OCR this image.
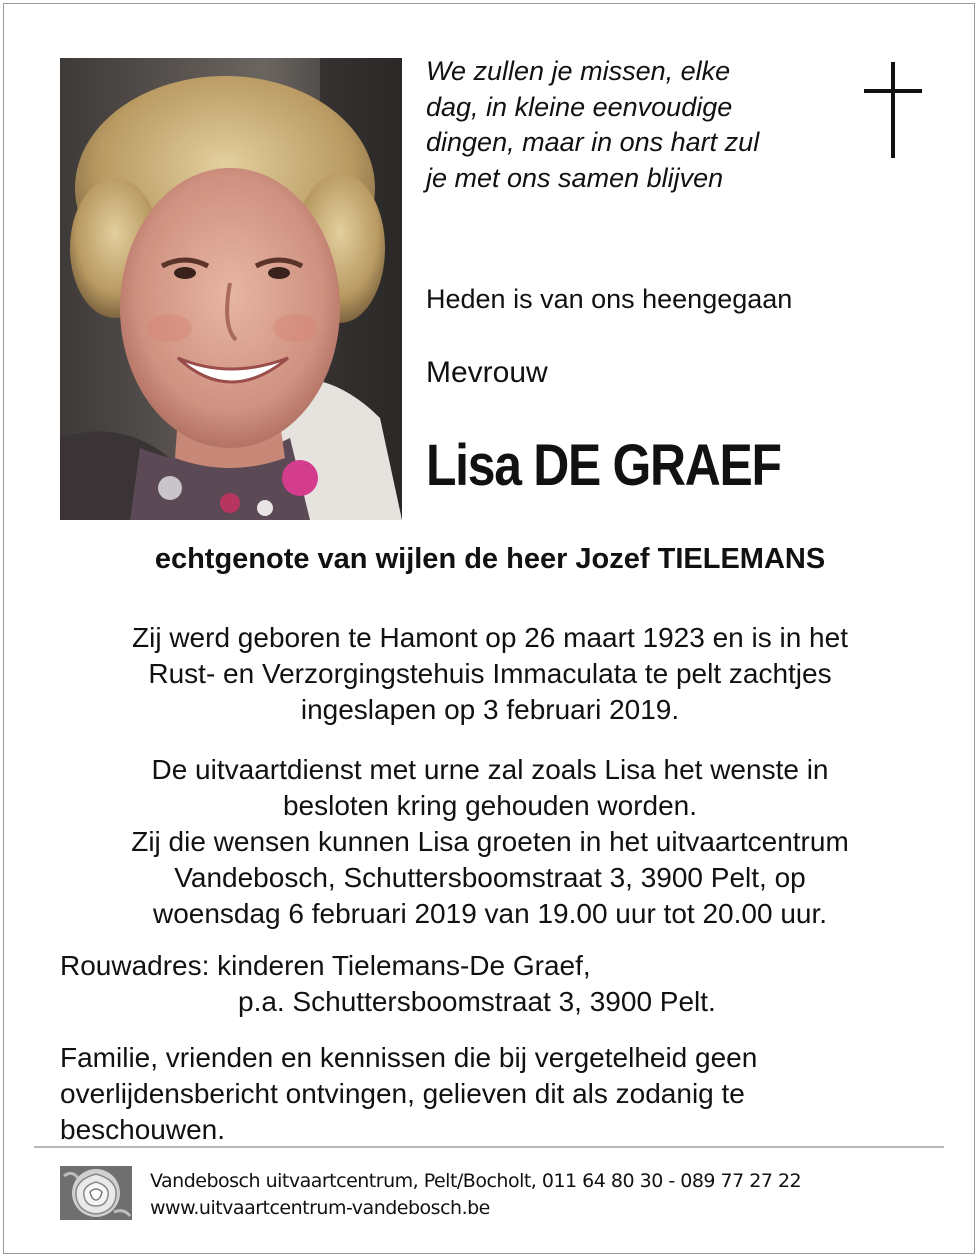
We zullen je missen, elke
dag, in kleine eenvoudige
dingen, maar in ons hart zul
je met ons samen blijven
Heden is van ons heengegaan
Mevrouw
Lisa DE GRAEF
echtgenote van wijlen de heer Jozef TIELEMANS
Zij werd geboren te Hamont op 26 maart 1923 en is in het
Rust- en Verzorgingstehuis Immaculata te pelt zachtjes
ingeslapen op 3 februari 2019.
De uitvaartdienst met urne zal zoals Lisa het wenste in
besloten kring gehouden worden.
Zij die wensen kunnen Lisa groeten in het uitvaartcentrum
Vandebosch, Schuttersboomstraat 3, 3900 Pelt, op
woensdag 6 februari 2019 van 19.00 uur tot 20.00 uur.
Rouwadres: kinderen Tielemans-De Graef,
p.a. Schuttersboomstraat 3, 3900 Pelt.
Familie, vrienden en kennissen die bij vergetelheid geen
overlijdensbericht ontvingen, gelieven dit als zodanig te
beschouwen.
Vandebosch uitvaartcentrum, Pelt/Bocholt, 011 64 80 30 - 089 77 27 22
www.uitvaartcentrum-vandebosch.be
